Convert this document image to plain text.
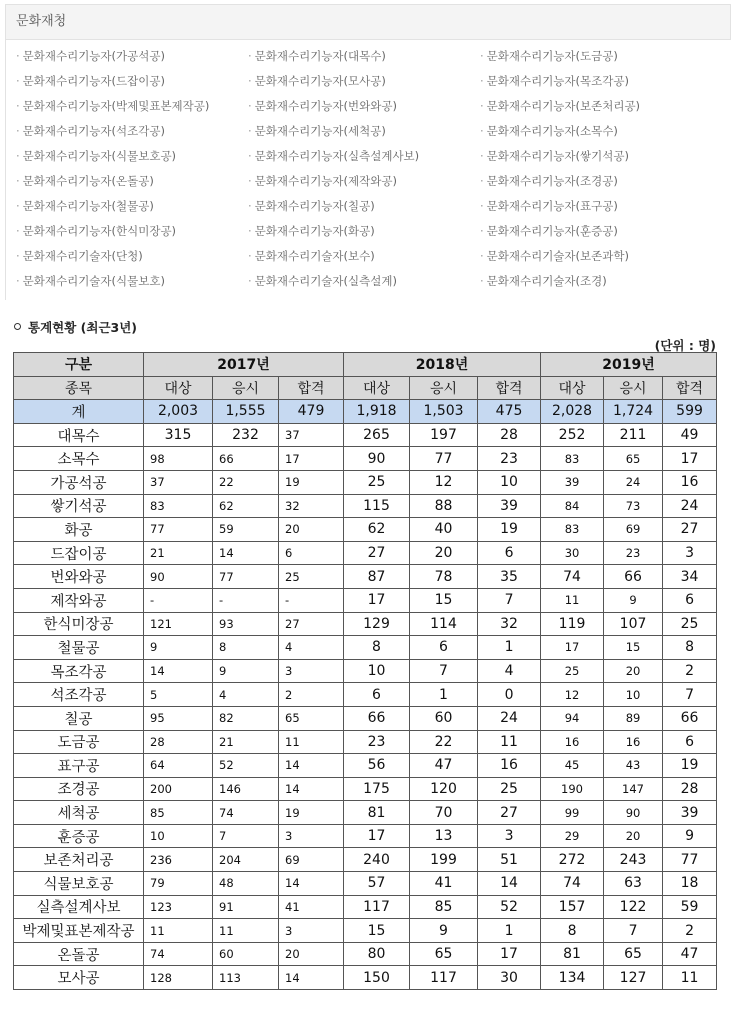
문화재청
· 문화재수리기능자(가공석공)	· 문화재수리기능자(대목수)	· 문화재수리기능자(도금공)
· 문화재수리기능자(드잡이공)	· 문화재수리기능자(모사공)	· 문화재수리기능자(목조각공)
· 문화재수리기능자(박제및표본제작공)	· 문화재수리기능자(번와와공)	· 문화재수리기능자(보존처리공)
· 문화재수리기능자(석조각공)	· 문화재수리기능자(세척공)	· 문화재수리기능자(소목수)
· 문화재수리기능자(식물보호공)	· 문화재수리기능자(실측설계사보)	· 문화재수리기능자(쌓기석공)
· 문화재수리기능자(온돌공)	· 문화재수리기능자(제작와공)	· 문화재수리기능자(조경공)
· 문화재수리기능자(철물공)	· 문화재수리기능자(칠공)	· 문화재수리기능자(표구공)
· 문화재수리기능자(한식미장공)	· 문화재수리기능자(화공)	· 문화재수리기능자(훈증공)
· 문화재수리기술자(단청)	· 문화재수리기술자(보수)	· 문화재수리기술자(보존과학)
· 문화재수리기술자(식물보호)	· 문화재수리기술자(실측설계)	· 문화재수리기술자(조경)
통계현황 (최근3년)
(단위 : 명)
구분	2017년			2018년			2019년		
종목	대상	응시	합격	대상	응시	합격	대상	응시	합격
계	2,003	1,555	479	1,918	1,503	475	2,028	1,724	599
대목수	315	232	37	265	197	28	252	211	49
소목수	98	66	17	90	77	23	83	65	17
가공석공	37	22	19	25	12	10	39	24	16
쌓기석공	83	62	32	115	88	39	84	73	24
화공	77	59	20	62	40	19	83	69	27
드잡이공	21	14	6	27	20	6	30	23	3
번와와공	90	77	25	87	78	35	74	66	34
제작와공	-	-	-	17	15	7	11	9	6
한식미장공	121	93	27	129	114	32	119	107	25
철물공	9	8	4	8	6	1	17	15	8
목조각공	14	9	3	10	7	4	25	20	2
석조각공	5	4	2	6	1	0	12	10	7
칠공	95	82	65	66	60	24	94	89	66
도금공	28	21	11	23	22	11	16	16	6
표구공	64	52	14	56	47	16	45	43	19
조경공	200	146	14	175	120	25	190	147	28
세척공	85	74	19	81	70	27	99	90	39
훈증공	10	7	3	17	13	3	29	20	9
보존처리공	236	204	69	240	199	51	272	243	77
식물보호공	79	48	14	57	41	14	74	63	18
실측설계사보	123	91	41	117	85	52	157	122	59
박제및표본제작공	11	11	3	15	9	1	8	7	2
온돌공	74	60	20	80	65	17	81	65	47
모사공	128	113	14	150	117	30	134	127	11
